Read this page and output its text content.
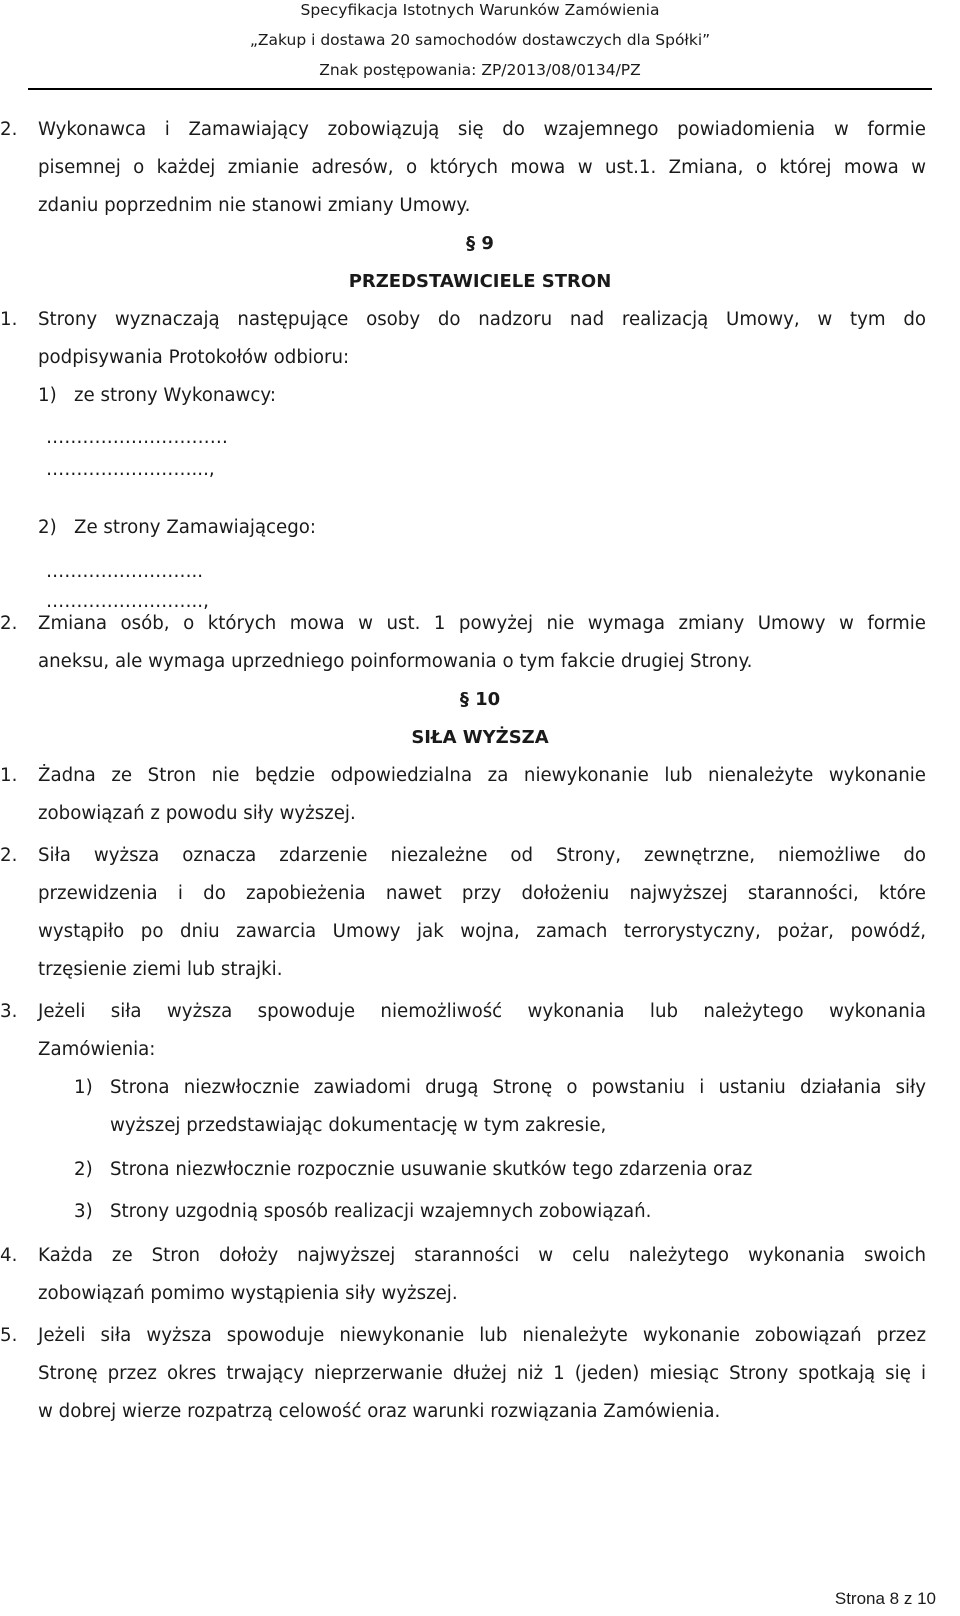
Specyfikacja Istotnych Warunków Zamówienia
„Zakup i dostawa 20 samochodów dostawczych dla Spółki”
Znak postępowania: ZP/2013/08/0134/PZ
2. Wykonawca i Zamawiający zobowiązują się do wzajemnego powiadomienia w formie
pisemnej o każdej zmianie adresów, o których mowa w ust.1. Zmiana, o której mowa w
zdaniu poprzednim nie stanowi zmiany Umowy.
§ 9
PRZEDSTAWICIELE STRON
1. Strony wyznaczają następujące osoby do nadzoru nad realizacją Umowy, w tym do
podpisywania Protokołów odbioru:
1) ze strony Wykonawcy:
…………………………
……………………...,
2) Ze strony Zamawiającego:
……………………..
……………………..,
2. Zmiana osób, o których mowa w ust. 1 powyżej nie wymaga zmiany Umowy w formie
aneksu, ale wymaga uprzedniego poinformowania o tym fakcie drugiej Strony.
§ 10
SIŁA WYŻSZA
1. Żadna ze Stron nie będzie odpowiedzialna za niewykonanie lub nienależyte wykonanie
zobowiązań z powodu siły wyższej.
2. Siła wyższa oznacza zdarzenie niezależne od Strony, zewnętrzne, niemożliwe do
przewidzenia i do zapobieżenia nawet przy dołożeniu najwyższej staranności, które
wystąpiło po dniu zawarcia Umowy jak wojna, zamach terrorystyczny, pożar, powódź,
trzęsienie ziemi lub strajki.
3. Jeżeli siła wyższa spowoduje niemożliwość wykonania lub należytego wykonania
Zamówienia:
1) Strona niezwłocznie zawiadomi drugą Stronę o powstaniu i ustaniu działania siły
wyższej przedstawiając dokumentację w tym zakresie,
2) Strona niezwłocznie rozpocznie usuwanie skutków tego zdarzenia oraz
3) Strony uzgodnią sposób realizacji wzajemnych zobowiązań.
4. Każda ze Stron dołoży najwyższej staranności w celu należytego wykonania swoich
zobowiązań pomimo wystąpienia siły wyższej.
5. Jeżeli siła wyższa spowoduje niewykonanie lub nienależyte wykonanie zobowiązań przez
Stronę przez okres trwający nieprzerwanie dłużej niż 1 (jeden) miesiąc Strony spotkają się i
w dobrej wierze rozpatrzą celowość oraz warunki rozwiązania Zamówienia.
Strona 8 z 10
